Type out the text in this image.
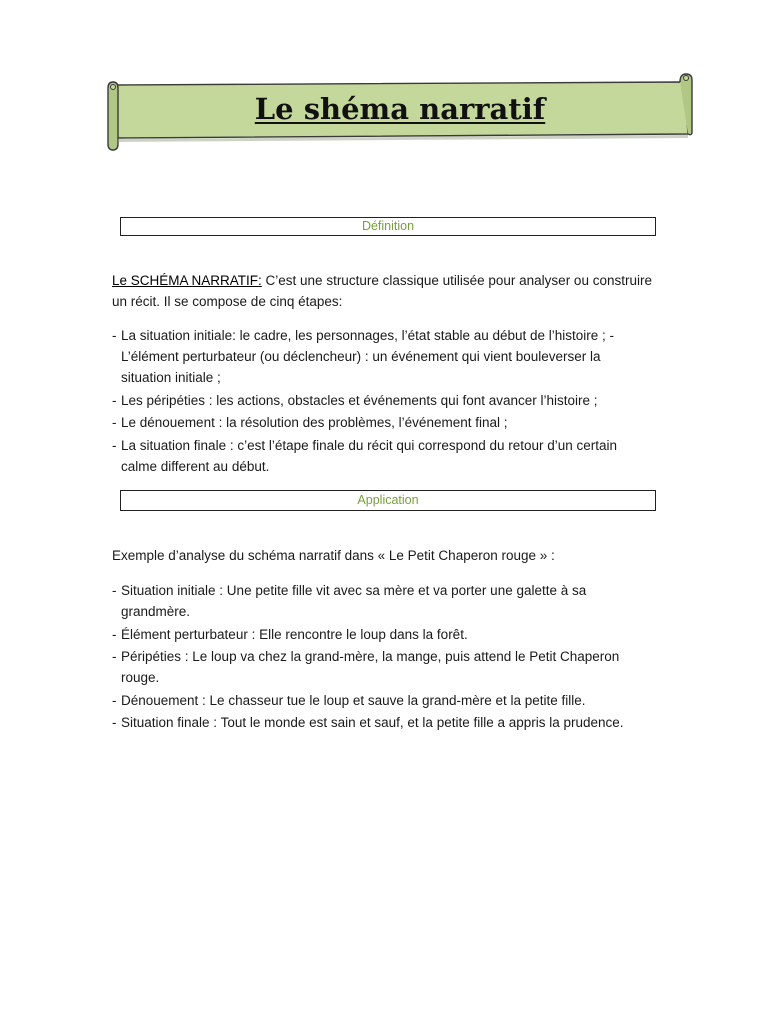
Le shéma narratif
Définition

Le SCHÉMA NARRATIF: C’est une structure classique utilisée pour analyser ou construire un récit. Il se compose de cinq étapes:

- La situation initiale: le cadre, les personnages, l’état stable au début de l’histoire ; - L’élément perturbateur (ou déclencheur) : un événement qui vient bouleverser la situation initiale ;
- Les péripéties : les actions, obstacles et événements qui font avancer l’histoire ;
- Le dénouement : la résolution des problèmes, l’événement final ;
- La situation finale : c’est l’étape finale du récit qui correspond du retour d’un certain calme different au début.
Application

Exemple d’analyse du schéma narratif dans « Le Petit Chaperon rouge » :

- Situation initiale : Une petite fille vit avec sa mère et va porter une galette à sa grandmère.
- Élément perturbateur : Elle rencontre le loup dans la forêt.
- Péripéties : Le loup va chez la grand-mère, la mange, puis attend le Petit Chaperon rouge.
- Dénouement : Le chasseur tue le loup et sauve la grand-mère et la petite fille.
- Situation finale : Tout le monde est sain et sauf, et la petite fille a appris la prudence.
